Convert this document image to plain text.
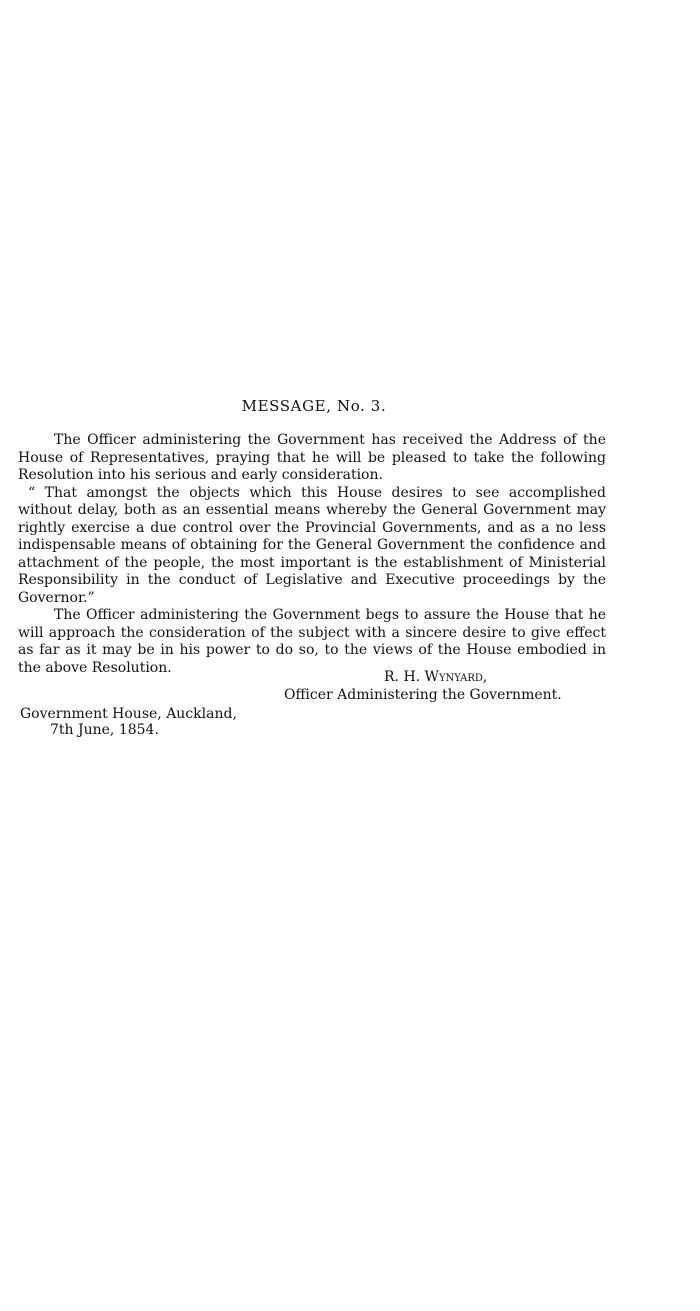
MESSAGE, No. 3.

The Officer administering the Government has received the Address of the House of Representatives, praying that he will be pleased to take the following Resolution into his serious and early consideration.

“ That amongst the objects which this House desires to see accomplished without delay, both as an essential means whereby the General Government may rightly exercise a due control over the Provincial Governments, and as a no less indispensable means of obtaining for the General Government the confidence and attachment of the people, the most important is the establishment of Ministerial Responsibility in the conduct of Legislative and Executive proceedings by the Governor.”

The Officer administering the Government begs to assure the House that he will approach the consideration of the subject with a sincere desire to give effect as far as it may be in his power to do so, to the views of the House embodied in the above Resolution.

R. H. Wynyard,
Officer Administering the Government.
Government House, Auckland,
7th June, 1854.
